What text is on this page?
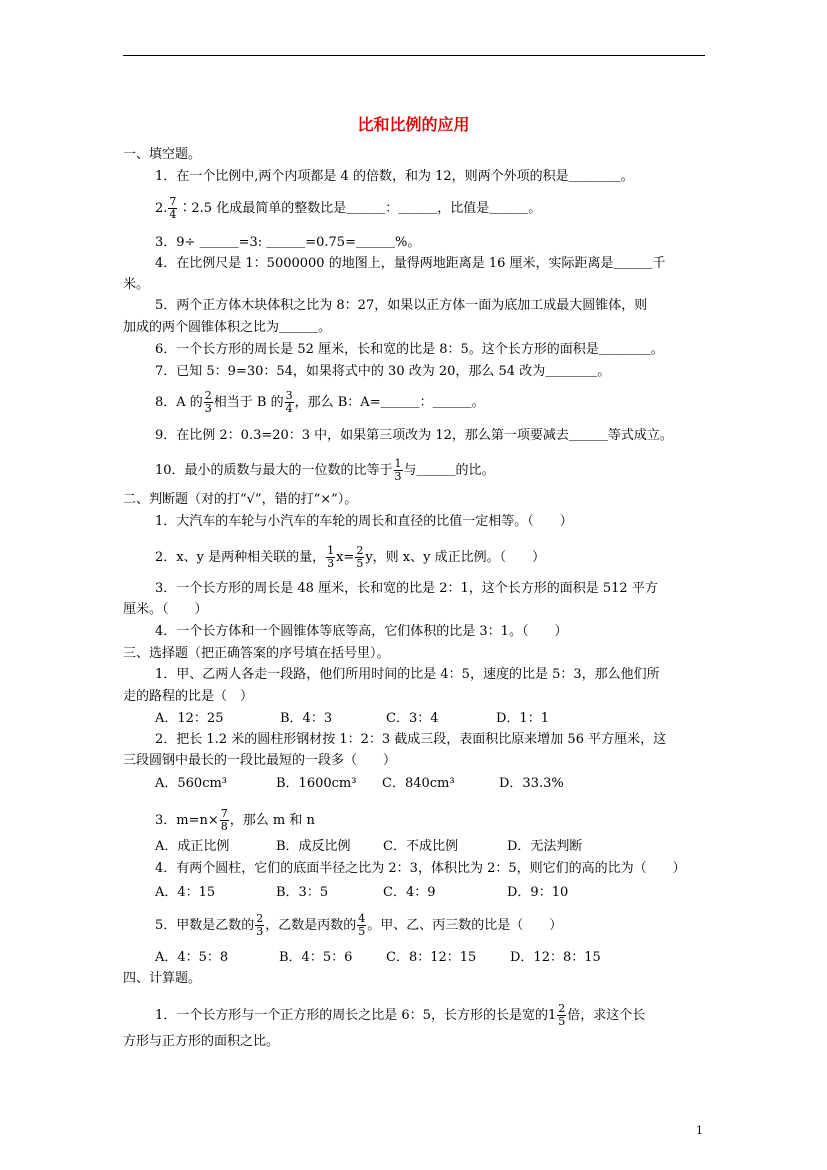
比和比例的应用
一、填空题。
1．在一个比例中,两个内项都是 4 的倍数，和为 12，则两个外项的积是＿＿＿＿。
2. $\frac{7}{4}$ ∶2.5 化成最简单的整数比是＿＿＿：＿＿＿，比值是＿＿＿。
3．9÷ ＿＿＿=3: ＿＿＿=0.75=＿＿＿%。
4．在比例尺是 1：5000000 的地图上，量得两地距离是 16 厘米，实际距离是＿＿＿千
米。
5．两个正方体木块体积之比为 8：27，如果以正方体一面为底加工成最大圆锥体，则
加成的两个圆锥体积之比为＿＿＿。
6．一个长方形的周长是 52 厘米，长和宽的比是 8：5。这个长方形的面积是＿＿＿＿。
7．已知 5：9=30：54，如果将式中的 30 改为 20，那么 54 改为＿＿＿＿。
8．A 的 $\frac{2}{3}$ 相当于 B 的 $\frac{3}{4}$ ，那么 B：A=＿＿＿：＿＿＿。
9．在比例 2：0.3=20：3 中，如果第三项改为 12，那么第一项要减去＿＿＿等式成立。
10．最小的质数与最大的一位数的比等于 $\frac{1}{3}$ 与＿＿＿的比。
二、判断题（对的打“√”，错的打“×”）。
1．大汽车的车轮与小汽车的车轮的周长和直径的比值一定相等。（　　）
2．x、y 是两种相关联的量， $\frac{1}{3} x= \frac{2}{5}$ y，则 x、y 成正比例。（　　）
3．一个长方形的周长是 48 厘米，长和宽的比是 2：1，这个长方形的面积是 512 平方
厘米。（　　）
4．一个长方体和一个圆锥体等底等高，它们体积的比是 3：1。（　　）
三、选择题（把正确答案的序号填在括号里）。
1．甲、乙两人各走一段路，他们所用时间的比是 4：5，速度的比是 5：3，那么他们所
走的路程的比是（　）
A．12：25	B．4：3	C．3：4	D．1：1
2．把长 1.2 米的圆柱形钢材按 1：2：3 截成三段，表面积比原来增加 56 平方厘米，这
三段圆钢中最长的一段比最短的一段多（　　）
A．560cm³	B．1600cm³ C．840cm³	D．33.3%
3．$m=n\times \frac{7}{8}$ ，那么 m 和 n
A．成正比例	B．成反比例 C．不成比例	D．无法判断
4．有两个圆柱，它们的底面半径之比为 2：3，体积比为 2：5，则它们的高的比为（　　）
A．4：15	B．3：5	C．4：9	D．9：10
5．甲数是乙数的 $\frac{2}{3}$ ，乙数是丙数的 $\frac{4}{5}$ 。甲、乙、丙三数的比是（　　）
A．4：5：8	B．4：5：6	C．8：12：15	D．12：8：15
四、计算题。
1．一个长方形与一个正方形的周长之比是 6：5，长方形的长是宽的$1 \frac{2}{5}$ 倍，求这个长
方形与正方形的面积之比。
1
